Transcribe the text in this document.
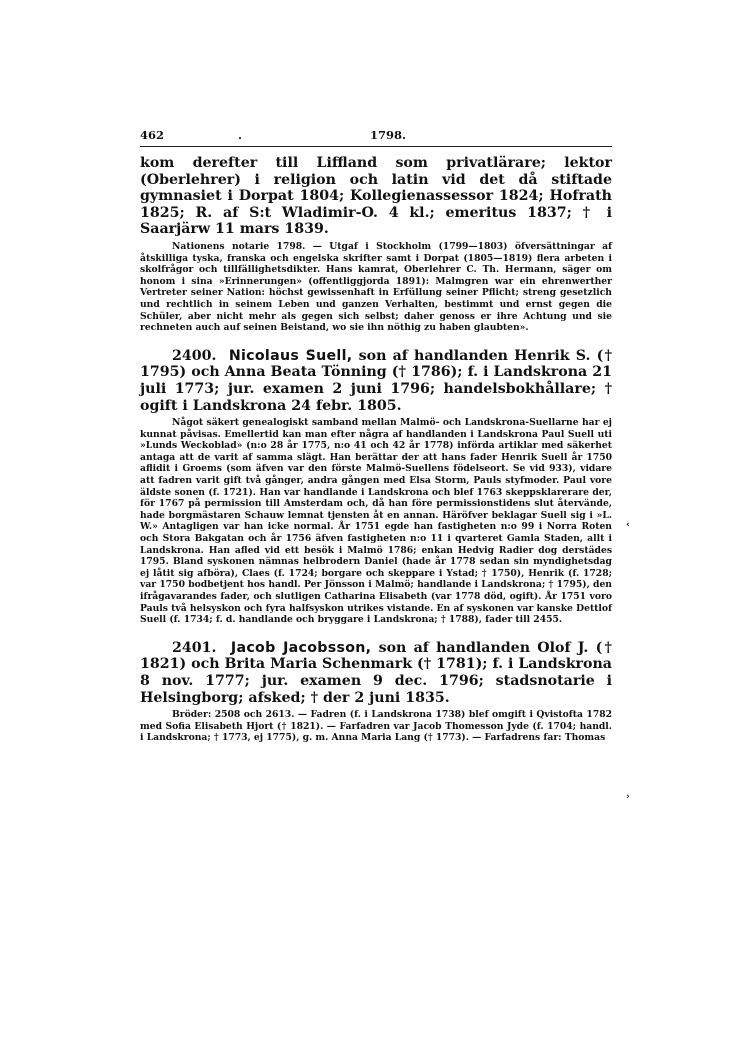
462	.	1798.

kom derefter till Liffland som privatlärare; lektor (Oberlehrer) i religion och latin vid det då stiftade gymnasiet i Dorpat 1804; Kollegienassessor 1824; Hofrath 1825; R. af S:t Wladimir-O. 4 kl.; emeritus 1837; † i Saarjärw 11 mars 1839.

Nationens notarie 1798. — Utgaf i Stockholm (1799—1803) öfversättningar af åtskilliga tyska, franska och engelska skrifter samt i Dorpat (1805—1819) flera arbeten i skolfrågor och tillfällighetsdikter. Hans kamrat, Oberlehrer C. Th. Hermann, säger om honom i sina »Erinnerungen» (offentliggjorda 1891): Malmgren war ein ehrenwerther Vertreter seiner Nation: höchst gewissenhaft in Erfüllung seiner Pflicht; streng gesetzlich und rechtlich in seinem Leben und ganzen Verhalten, bestimmt und ernst gegen die Schüler, aber nicht mehr als gegen sich selbst; daher genoss er ihre Achtung und sie rechneten auch auf seinen Beistand, wo sie ihn nöthig zu haben glaubten».

2400. Nicolaus Suell, son af handlanden Henrik S. († 1795) och Anna Beata Tönning († 1786); f. i Landskrona 21 juli 1773; jur. examen 2 juni 1796; handelsbokhållare; † ogift i Landskrona 24 febr. 1805.

Något säkert genealogiskt samband mellan Malmö- och Landskrona-Suellarne har ej kunnat påvisas. Emellertid kan man efter några af handlanden i Landskrona Paul Suell uti »Lunds Weckoblad» (n:o 28 år 1775, n:o 41 och 42 år 1778) införda artiklar med säkerhet antaga att de varit af samma slägt. Han berättar der att hans fader Henrik Suell år 1750 aflidit i Groems (som äfven var den förste Malmö-Suellens födelseort. Se vid 933), vidare att fadren varit gift två gånger, andra gången med Elsa Storm, Pauls styfmoder. Paul vore äldste sonen (f. 1721). Han var handlande i Landskrona och blef 1763 skeppsklarerare der, för 1767 på permission till Amsterdam och, då han före permissionstidens slut återvände, hade borgmästaren Schauw lemnat tjensten åt en annan. Häröfver beklagar Suell sig i »L. W.» Antagligen var han icke normal. År 1751 egde han fastigheten n:o 99 i Norra Roten och Stora Bakgatan och år 1756 äfven fastigheten n:o 11 i qvarteret Gamla Staden, allt i Landskrona. Han afled vid ett besök i Malmö 1786; enkan Hedvig Radier dog derstädes 1795. Bland syskonen nämnas helbrodern Daniel (hade år 1778 sedan sin myndighetsdag ej låtit sig afböra), Claes (f. 1724; borgare och skeppare i Ystad; † 1750), Henrik (f. 1728; var 1750 bodbetjent hos handl. Per Jönsson i Malmö; handlande i Landskrona; † 1795), den ifrågavarandes fader, och slutligen Catharina Elisabeth (var 1778 död, ogift). År 1751 voro Pauls två helsyskon och fyra halfsyskon utrikes vistande. En af syskonen var kanske Dettlof Suell (f. 1734; f. d. handlande och bryggare i Landskrona; † 1788), fader till 2455.

2401. Jacob Jacobsson, son af handlanden Olof J. († 1821) och Brita Maria Schenmark († 1781); f. i Landskrona 8 nov. 1777; jur. examen 9 dec. 1796; stadsnotarie i Helsingborg; afsked; † der 2 juni 1835.

Bröder: 2508 och 2613. — Fadren (f. i Landskrona 1738) blef omgift i Qvistofta 1782 med Sofia Elisabeth Hjort († 1821). — Farfadren var Jacob Thomesson Jyde (f. 1704; handl. i Landskrona; † 1773, ej 1775), g. m. Anna Maria Lang († 1773). — Farfadrens far: Thomas

‹
›
